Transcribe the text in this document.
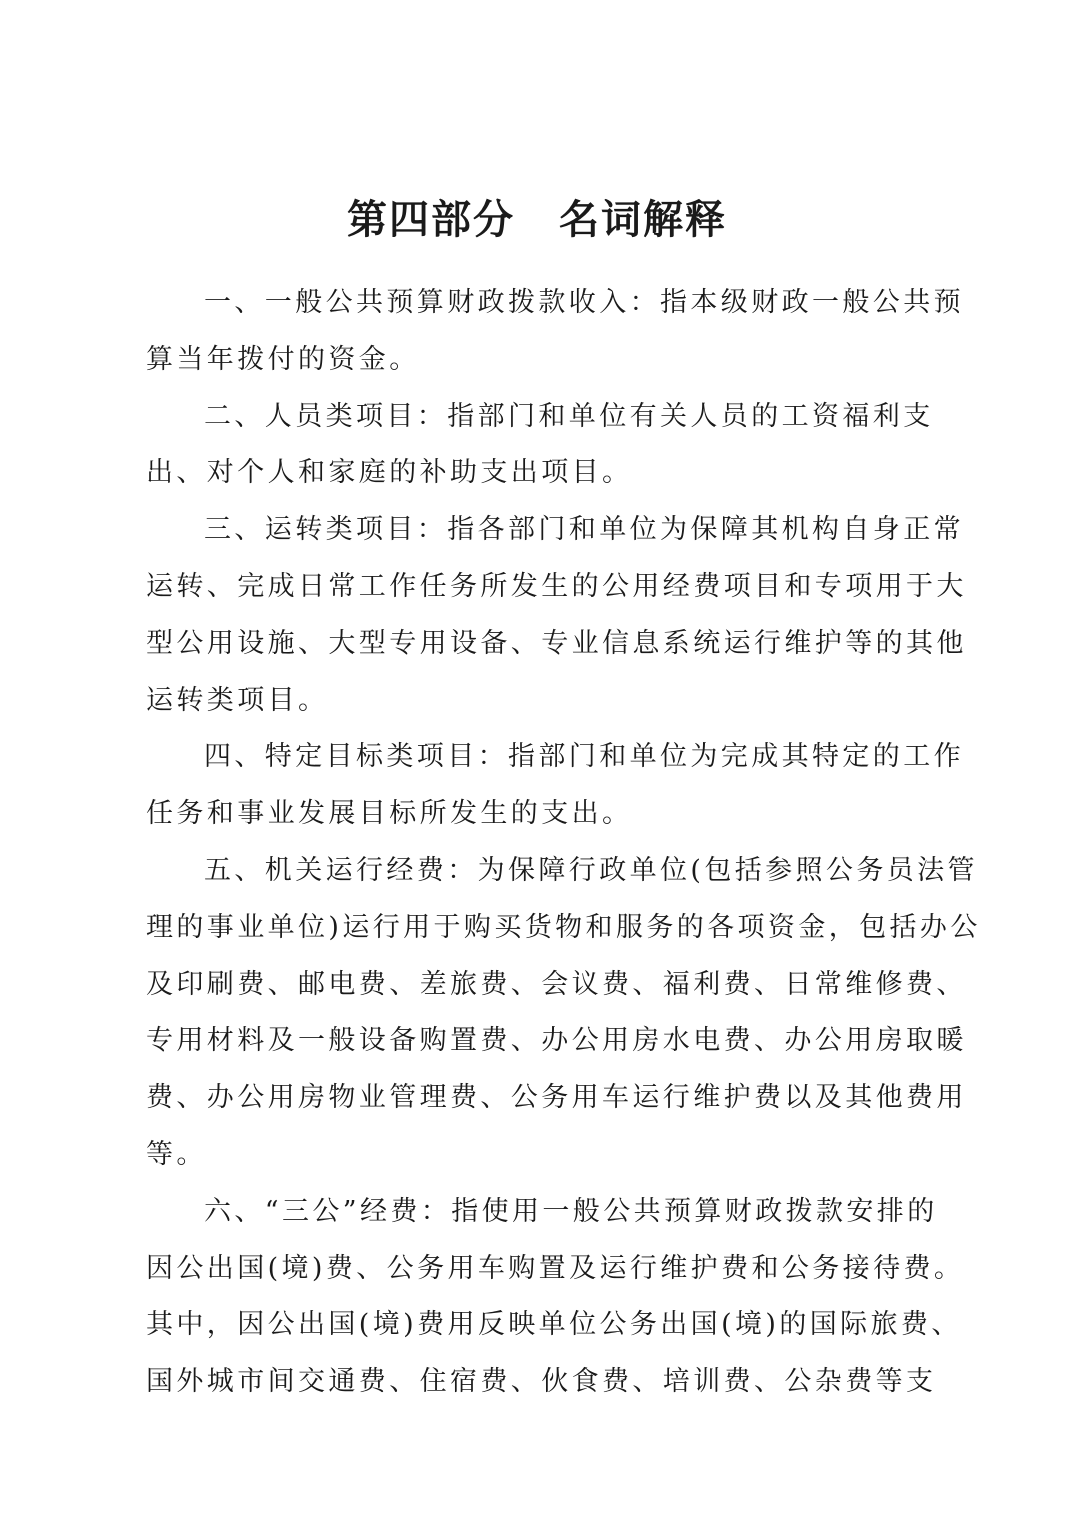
第四部分 名词解释

一、一般公共预算财政拨款收入：指本级财政一般公共预

算当年拨付的资金。

二、人员类项目：指部门和单位有关人员的工资福利支

出、对个人和家庭的补助支出项目。

三、运转类项目：指各部门和单位为保障其机构自身正常

运转、完成日常工作任务所发生的公用经费项目和专项用于大

型公用设施、大型专用设备、专业信息系统运行维护等的其他

运转类项目。

四、特定目标类项目：指部门和单位为完成其特定的工作

任务和事业发展目标所发生的支出。

五、机关运行经费：为保障行政单位(包括参照公务员法管

理的事业单位)运行用于购买货物和服务的各项资金，包括办公

及印刷费、邮电费、差旅费、会议费、福利费、日常维修费、

专用材料及一般设备购置费、办公用房水电费、办公用房取暖

费、办公用房物业管理费、公务用车运行维护费以及其他费用

等。

六、“三公”经费：指使用一般公共预算财政拨款安排的

因公出国(境)费、公务用车购置及运行维护费和公务接待费。

其中，因公出国(境)费用反映单位公务出国(境)的国际旅费、

国外城市间交通费、住宿费、伙食费、培训费、公杂费等支
